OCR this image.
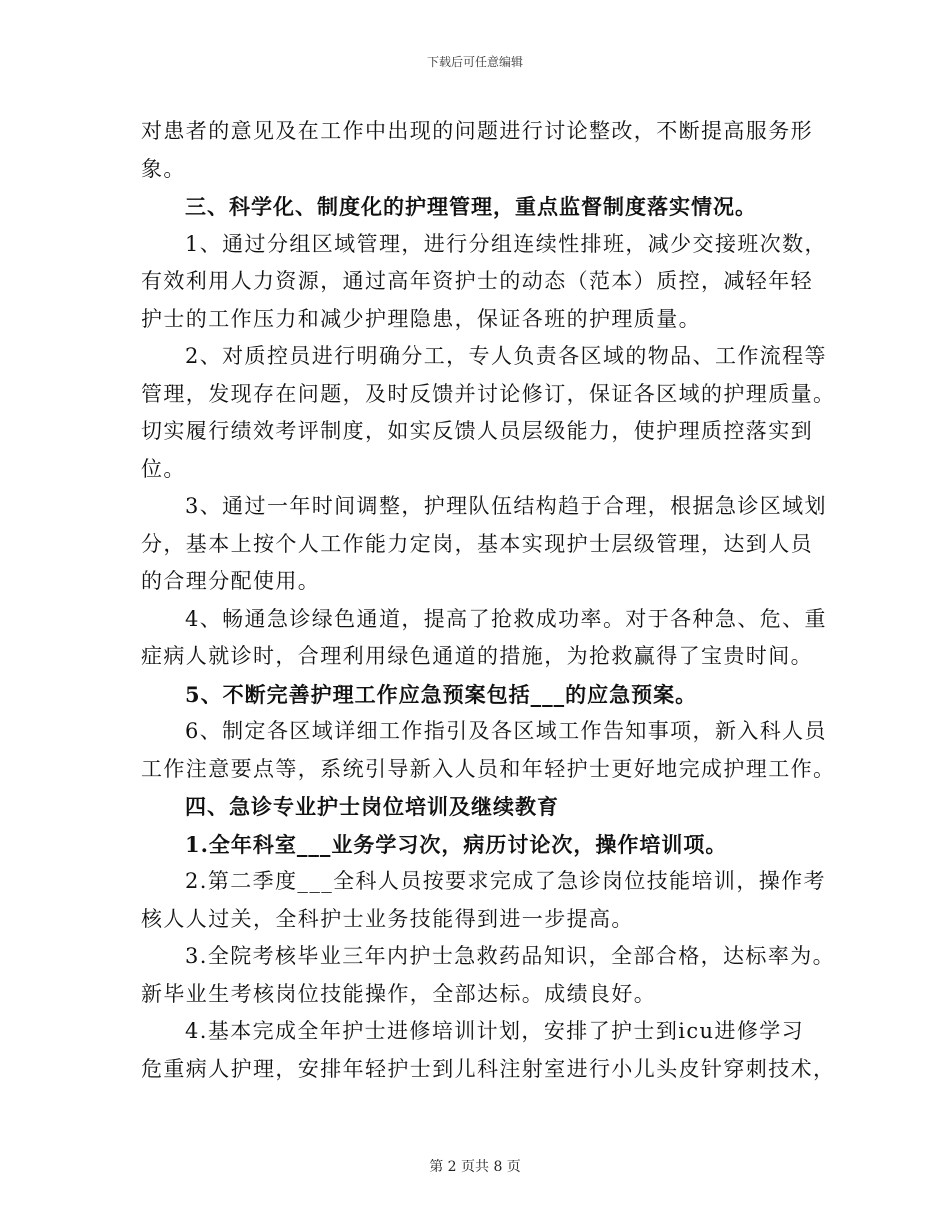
下载后可任意编辑
对患者的意见及在工作中出现的问题进行讨论整改，不断提高服务形
象。
三、科学化、制度化的护理管理，重点监督制度落实情况。
1、通过分组区域管理，进行分组连续性排班，减少交接班次数，
有效利用人力资源，通过高年资护士的动态（范本）质控，减轻年轻
护士的工作压力和减少护理隐患，保证各班的护理质量。
2、对质控员进行明确分工，专人负责各区域的物品、工作流程等
管理，发现存在问题，及时反馈并讨论修订，保证各区域的护理质量。
切实履行绩效考评制度，如实反馈人员层级能力，使护理质控落实到
位。
3、通过一年时间调整，护理队伍结构趋于合理，根据急诊区域划
分，基本上按个人工作能力定岗，基本实现护士层级管理，达到人员
的合理分配使用。
4、畅通急诊绿色通道，提高了抢救成功率。对于各种急、危、重
症病人就诊时，合理利用绿色通道的措施，为抢救赢得了宝贵时间。
5、不断完善护理工作应急预案包括___的应急预案。
6、制定各区域详细工作指引及各区域工作告知事项，新入科人员
工作注意要点等，系统引导新入人员和年轻护士更好地完成护理工作。
四、急诊专业护士岗位培训及继续教育
1.全年科室___业务学习次，病历讨论次，操作培训项。
2.第二季度___全科人员按要求完成了急诊岗位技能培训，操作考
核人人过关，全科护士业务技能得到进一步提高。
3.全院考核毕业三年内护士急救药品知识，全部合格，达标率为。
新毕业生考核岗位技能操作，全部达标。成绩良好。
4.基本完成全年护士进修培训计划，安排了护士到icu进修学习
危重病人护理，安排年轻护士到儿科注射室进行小儿头皮针穿刺技术，
第 2 页共 8 页
